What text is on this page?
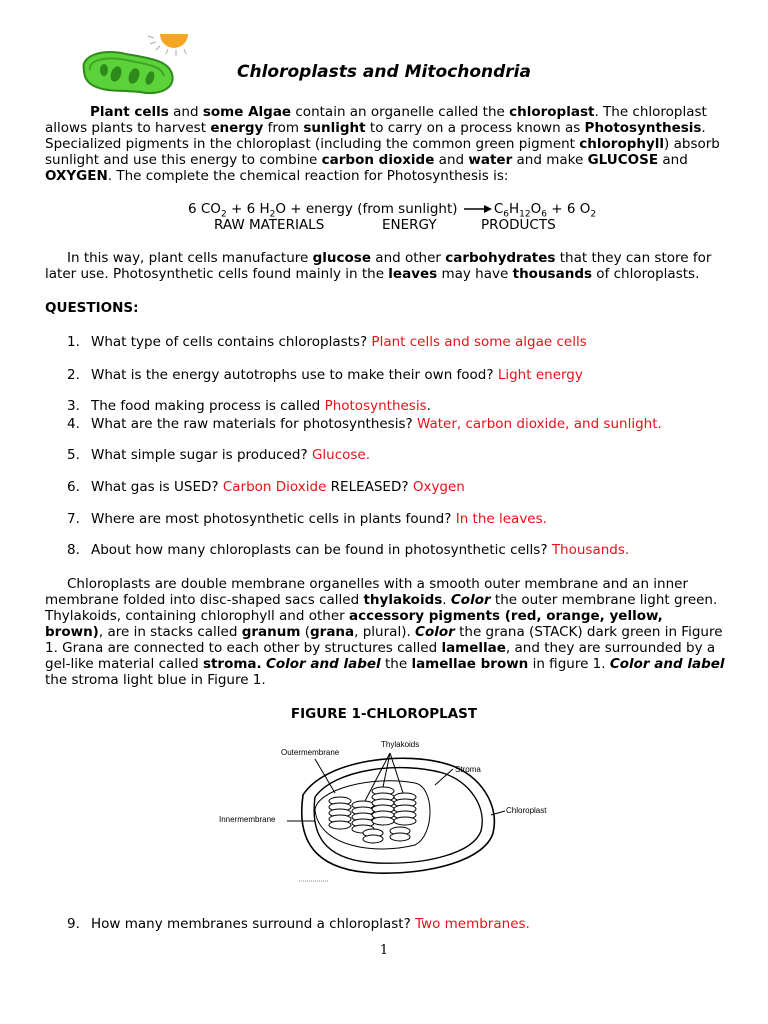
Chloroplasts and Mitochondria
Plant cells and some Algae contain an organelle called the chloroplast. The chloroplast allows plants to harvest energy from sunlight to carry on a process known as Photosynthesis. Specialized pigments in the chloroplast (including the common green pigment chlorophyll) absorb sunlight and use this energy to combine carbon dioxide and water and make GLUCOSE and OXYGEN. The complete the chemical reaction for Photosynthesis is:
6 $CO_2 + 6$ $H_2O$ + energy (from sunlight) → $C_6H_{12}O_6 + 6$ $O_2$
RAW MATERIALS	ENERGY	PRODUCTS
In this way, plant cells manufacture glucose and other carbohydrates that they can store for later use. Photosynthetic cells found mainly in the leaves may have thousands of chloroplasts.
QUESTIONS:
1. What type of cells contains chloroplasts? Plant cells and some algae cells
2. What is the energy autotrophs use to make their own food? Light energy
3. The food making process is called Photosynthesis.
4. What are the raw materials for photosynthesis? Water, carbon dioxide, and sunlight.
5. What simple sugar is produced? Glucose.
6. What gas is USED? Carbon Dioxide RELEASED? Oxygen
7. Where are most photosynthetic cells in plants found? In the leaves.
8. About how many chloroplasts can be found in photosynthetic cells? Thousands.
Chloroplasts are double membrane organelles with a smooth outer membrane and an inner membrane folded into disc-shaped sacs called thylakoids. Color the outer membrane light green. Thylakoids, containing chlorophyll and other accessory pigments (red, orange, yellow, brown), are in stacks called granum (grana, plural). Color the grana (STACK) dark green in Figure 1. Grana are connected to each other by structures called lamellae, and they are surrounded by a gel-like material called stroma. Color and label the lamellae brown in figure 1. Color and label the stroma light blue in Figure 1.
FIGURE 1-CHLOROPLAST
Outermembrane
Thylakoids
Stroma
Chloroplast
Innermembrane
9. How many membranes surround a chloroplast? Two membranes.
1
